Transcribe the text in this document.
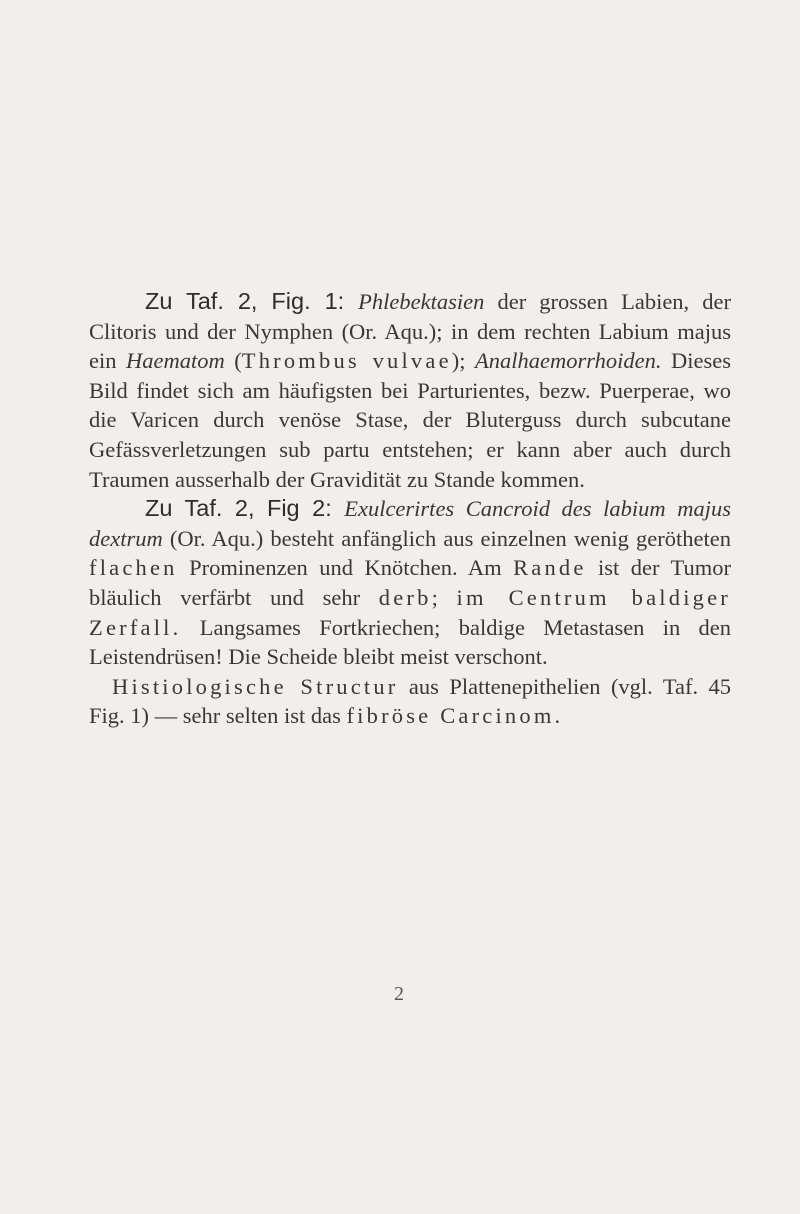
Zu Taf. 2, Fig. 1: Phlebektasien der grossen Labien, der Clitoris und der Nymphen (Or. Aqu.); in dem rechten Labium majus ein Haematom (Thrombus vulvae); Analhaemorrhoiden. Dieses Bild findet sich am häufigsten bei Parturientes, bezw. Puerperae, wo die Varicen durch venöse Stase, der Bluterguss durch subcutane Gefässverletzungen sub partu entstehen; er kann aber auch durch Traumen ausserhalb der Gravidität zu Stande kommen.

Zu Taf. 2, Fig 2: Exulcerirtes Cancroid des labium majus dextrum (Or. Aqu.) besteht anfänglich aus einzelnen wenig gerötheten flachen Prominenzen und Knötchen. Am Rande ist der Tumor bläulich verfärbt und sehr derb; im Centrum baldiger Zerfall. Langsames Fortkriechen; baldige Metastasen in den Leistendrüsen! Die Scheide bleibt meist verschont.

Histiologische Structur aus Plattenepithelien (vgl. Taf. 45 Fig. 1) — sehr selten ist das fibröse Carcinom.

2
